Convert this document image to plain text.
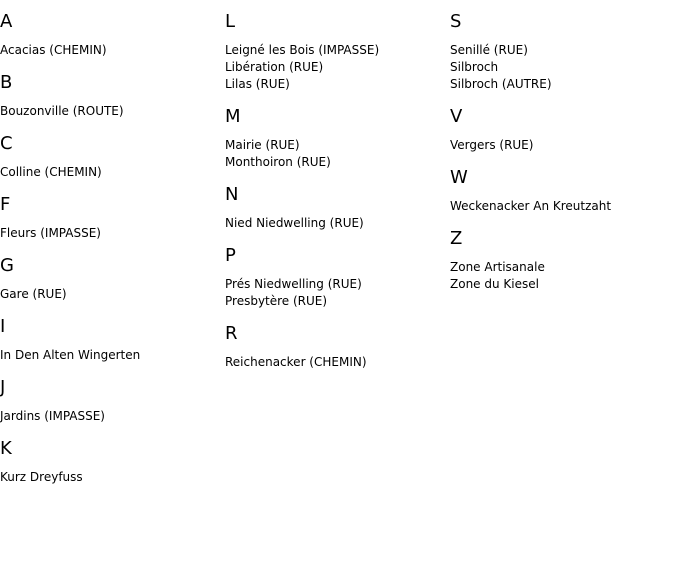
A
Acacias (CHEMIN)
B
Bouzonville (ROUTE)
C
Colline (CHEMIN)
F
Fleurs (IMPASSE)
G
Gare (RUE)
I
In Den Alten Wingerten
J
Jardins (IMPASSE)
K
Kurz Dreyfuss
L
Leigné les Bois (IMPASSE)
Libération (RUE)
Lilas (RUE)
M
Mairie (RUE)
Monthoiron (RUE)
N
Nied Niedwelling (RUE)
P
Prés Niedwelling (RUE)
Presbytère (RUE)
R
Reichenacker (CHEMIN)
S
Senillé (RUE)
Silbroch
Silbroch (AUTRE)
V
Vergers (RUE)
W
Weckenacker An Kreutzaht
Z
Zone Artisanale
Zone du Kiesel
